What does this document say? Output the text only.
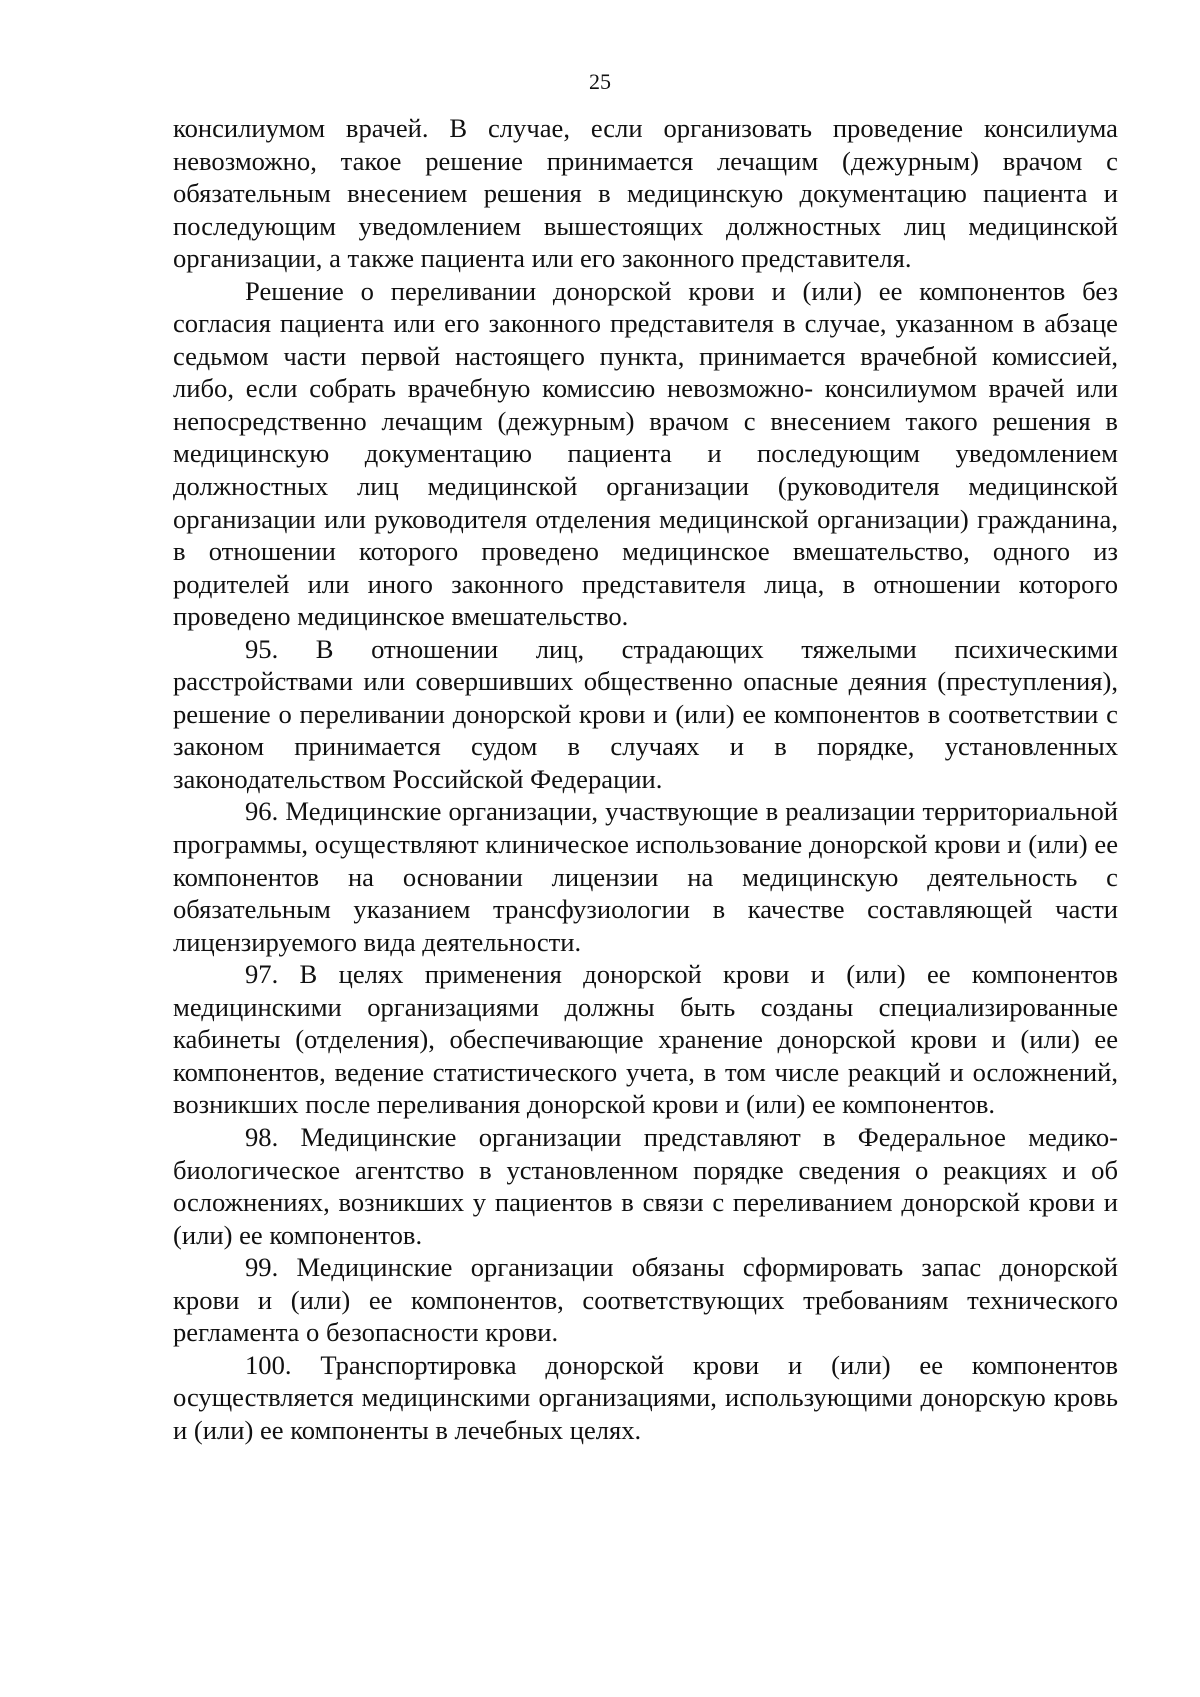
25

консилиумом врачей. В случае, если организовать проведение консилиума невозможно, такое решение принимается лечащим (дежурным) врачом с обязательным внесением решения в медицинскую документацию пациента и последующим уведомлением вышестоящих должностных лиц медицинской организации, а также пациента или его законного представителя.

Решение о переливании донорской крови и (или) ее компонентов без согласия пациента или его законного представителя в случае, указанном в абзаце седьмом части первой настоящего пункта, принимается врачебной комиссией, либо, если собрать врачебную комиссию невозможно- консилиумом врачей или непосредственно лечащим (дежурным) врачом с внесением такого решения в медицинскую документацию пациента и последующим уведомлением должностных лиц медицинской организации (руководителя медицинской организации или руководителя отделения медицинской организации) гражданина, в отношении которого проведено медицинское вмешательство, одного из родителей или иного законного представителя лица, в отношении которого проведено медицинское вмешательство.

95. В отношении лиц, страдающих тяжелыми психическими расстройствами или совершивших общественно опасные деяния (преступления), решение о переливании донорской крови и (или) ее компонентов в соответствии с законом принимается судом в случаях и в порядке, установленных законодательством Российской Федерации.

96. Медицинские организации, участвующие в реализации территориальной программы, осуществляют клиническое использование донорской крови и (или) ее компонентов на основании лицензии на медицинскую деятельность с обязательным указанием трансфузиологии в качестве составляющей части лицензируемого вида деятельности.

97. В целях применения донорской крови и (или) ее компонентов медицинскими организациями должны быть созданы специализированные кабинеты (отделения), обеспечивающие хранение донорской крови и (или) ее компонентов, ведение статистического учета, в том числе реакций и осложнений, возникших после переливания донорской крови и (или) ее компонентов.

98. Медицинские организации представляют в Федеральное медико-биологическое агентство в установленном порядке сведения о реакциях и об осложнениях, возникших у пациентов в связи с переливанием донорской крови и (или) ее компонентов.

99. Медицинские организации обязаны сформировать запас донорской крови и (или) ее компонентов, соответствующих требованиям технического регламента о безопасности крови.

100. Транспортировка донорской крови и (или) ее компонентов осуществляется медицинскими организациями, использующими донорскую кровь и (или) ее компоненты в лечебных целях.
